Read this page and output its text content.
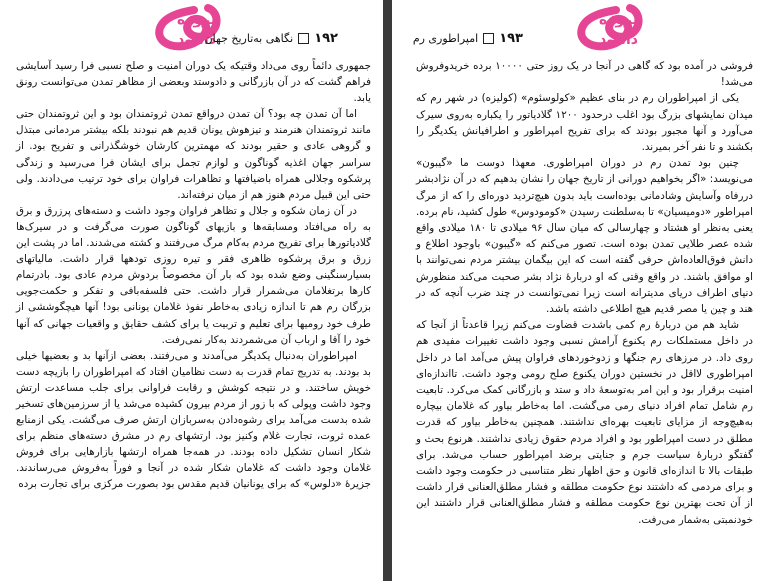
پروژه
دانلود	۱۹۲
نگاهی به‌تاریخ جهان

جمهوری دائماً روی می‌داد وقتیکه یک دوران امنیت و صلح نسبی فرا رسید آسایشی فراهم گشت که در آن بازرگانی و دادوستد وبعضی از مظاهر تمدن می‌توانست رونق یابد.

اما آن تمدن چه بود؟ آن تمدن درواقع تمدن ثروتمندان بود و این ثروتمندان حتی مانند ثروتمندان هنرمند و تیزهوش یونان قدیم هم نبودند بلکه بیشتر مردمانی مبتذل و گروهی عادی و حقیر بودند که مهمترین کارشان خوشگذرانی و تفریح بود. از سراسر جهان اغذیه گوناگون و لوازم تجمل برای ایشان فرا می‌رسید و زندگی پرشکوه وجلالی همراه باضیافتها و تظاهرات فراوان برای خود ترتیب می‌دادند. ولی حتی این قبیل مردم هنوز هم از میان نرفته‌اند.

در آن زمان شکوه و جلال و تظاهر فراوان وجود داشت و دسته‌های پرزرق و برق به راه می‌افتاد ومسابقه‌ها و بازیهای گوناگون صورت می‌گرفت و در سیرک‌ها گلادیاتورها برای تفریح مردم به‌کام مرگ می‌رفتند و کشته می‌شدند. اما در پشت این زرق و برق پرشکوه ظاهری فقر و تیره روزی تودهها قرار داشت. مالیاتهای بسیارسنگینی وضع شده بود که بار آن مخصوصاً بردوش مردم عادی بود. بادرتمام کارها برتغلامان می‌شمرار قرار داشت. حتی فلسفه‌بافی و تفکر و حکمت‌جویی بزرگان رم هم تا اندازه زیادی به‌خاطر نفوذ غلامان یونانی بود! آنها هیچگوششی از طرف خود رومیها برای تعلیم و تربیت یا برای کشف حقایق و واقعیات جهانی که آنها خود را آقا و ارباب آن می‌شمردند به‌کار نمی‌رفت.

امپراطوران به‌دنبال یکدیگر می‌آمدند و می‌رفتند. بعضی ازآنها بد و بعضیها خیلی بد بودند. به تدریج تمام قدرت به دست نظامیان افتاد که امپراطوران را بازیچه دست خویش ساختند. و در نتیجه کوشش و رقابت فراوانی برای جلب مساعدت ارتش وجود داشت وپولی که با زور از مردم بیرون کشیده می‌شد یا از سرزمین‌های تسخیر شده بدست می‌آمد برای رشوه‌دادن به‌سربازان ارتش صرف می‌گشت. یکی ازمنابع عمده ثروت، تجارت غلام وکنیز بود. ارتشهای رم در مشرق دسته‌های منظم برای شکار انسان تشکیل داده بودند. در همه‌جا همراه ارتشها بازارهایی برای فروش غلامان وجود داشت که غلامان شکار شده در آنجا و فوراً به‌فروش می‌رساندند. جزیرهٔ «دلوس» که برای یونانیان قدیم مقدس بود بصورت مرکزی برای تجارت برده

پروژه
دانلود
۱۹۳
امپراطوری رم

فروشی در آمده بود که گاهی در آنجا در یک روز حتی ۱۰۰۰۰ برده خریدوفروش می‌شد!

یکی از امپراطوران رم در بنای عظیم «کولوسئوم» (کولیزه) در شهر رم که میدان نمایشهای بزرگ بود اغلب درحدود ۱۲۰۰ گلادیاتور را یکباره به‌روی سیرک می‌آورد و آنها مجبور بودند که برای تفریح امپراطور و اطرافیانش یکدیگر را بکشند و تا نفر آخر بمیرند.

چنین بود تمدن رم در دوران امپراطوری. معهذا دوست ما «گیبون» می‌نویسد: «اگر بخواهیم دورانی از تاریخ جهان را نشان بدهیم که در آن نژادبشر دررفاه وآسایش وشادمانی بوده‌است باید بدون هیچ‌تردید دوره‌ای را که از مرگ امپراطور «دومیسیان» تا به‌سلطنت رسیدن «کومودوس» طول کشید، نام برده. یعنی به‌نظر او هشتاد و چهارسالی که میان سال ۹۶ میلادی تا ۱۸۰ میلادی واقع شده عصر طلایی تمدن بوده است. تصور می‌کنم که «گیبون» باوجود اطلاع و دانش فوق‌العاده‌اش حرفی گفته است که این بیگمان بیشتر مردم نمی‌توانند با او موافق باشند. در واقع وقتی که او دربارهٔ نژاد بشر صحبت می‌کند منظورش دنیای اطراف دریای مدیترانه است زیرا نمی‌توانست در چند ضرب آنچه که در هند و چین یا مصر قدیم هیچ اطلاعی داشته باشد.

شاید هم من دربارهٔ رم کمی باشدت قضاوت می‌کنم زیرا قاعدتاً از آنجا که در داخل مستملکات رم یکنوع آرامش نسبی وجود داشت تغییرات مفیدی هم روی داد. در مرزهای رم جنگها و زدوخوردهای فراوان پیش می‌آمد اما در داخل امپراطوری لااقل در نخستین دوران یکنوع صلح رومی وجود داشت. تااندازه‌ای امنیت برقرار بود و این امر به‌توسعهٔ داد و ستد و بازرگانی کمک می‌کرد. تابعیت رم شامل تمام افراد دنیای رمی می‌گشت. اما به‌خاطر بیاور که غلامان بیچاره به‌هیچ‌وجه از مزایای تابعیت بهره‌ای نداشتند. همچنین به‌خاطر بیاور که قدرت مطلق در دست امپراطور بود و افراد مردم حقوق زیادی نداشتند. هرنوع بحث و گفتگو دربارهٔ سیاست جرم و جنایتی برضد امپراطور حساب می‌شد. برای طبقات بالا تا اندازه‌ای قانون و حق اظهار نظر متناسبی در حکومت وجود داشت و برای مردمی که داشتند نوع حکومت مطلقه و فشار مطلق‌العنانی قرار داشت از آن تحت بهترین نوع حکومت مطلقه و فشار مطلق‌العنانی قرار داشتند این خودنمبتی به‌شمار می‌رفت.
